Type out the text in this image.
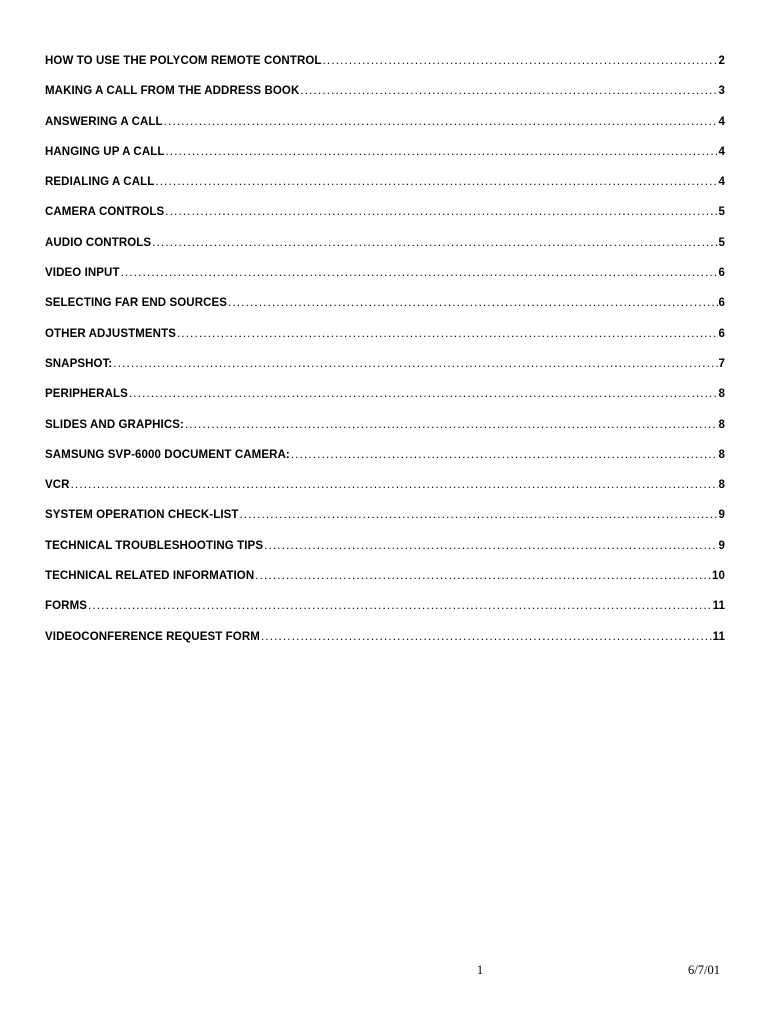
HOW TO USE THE POLYCOM REMOTE CONTROL .....	2
MAKING A CALL FROM THE ADDRESS BOOK .....	3
ANSWERING A CALL .....	4
HANGING UP A CALL .....	4
REDIALING A CALL .....	4
CAMERA CONTROLS .....	5
AUDIO CONTROLS .....	5
VIDEO INPUT .....	6
SELECTING FAR END SOURCES .....	6
OTHER ADJUSTMENTS .....	6
SNAPSHOT: .....	7
PERIPHERALS .....	8
SLIDES AND GRAPHICS: .....	8
SAMSUNG SVP-6000 DOCUMENT CAMERA: .....	8
VCR .....	8
SYSTEM OPERATION CHECK-LIST .....	9
TECHNICAL TROUBLESHOOTING TIPS .....	9
TECHNICAL RELATED INFORMATION .....	10
FORMS .....	11
VIDEOCONFERENCE REQUEST FORM .....	11
1	6/7/01
